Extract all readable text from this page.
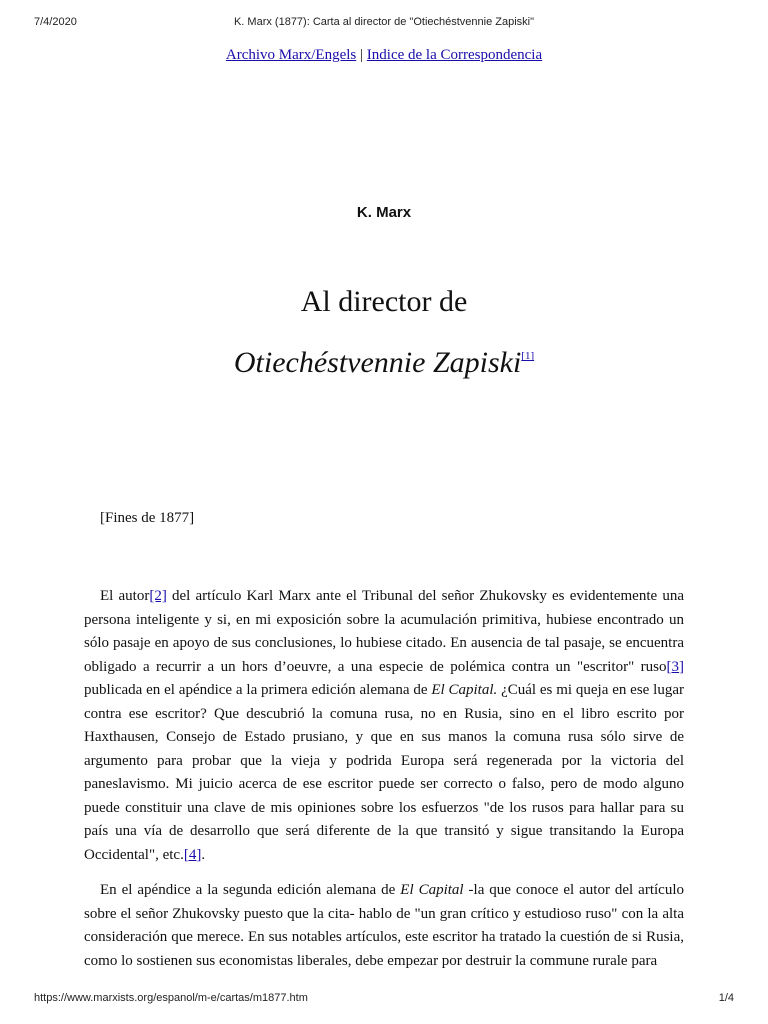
7/4/2020	K. Marx (1877): Carta al director de "Otiechéstvennie Zapiski"
Archivo Marx/Engels | Indice de la Correspondencia
K. Marx
Al director de
Otiechéstvennie Zapiski[1]
[Fines de 1877]

El autor[2] del artículo Karl Marx ante el Tribunal del señor Zhukovsky es evidentemente una persona inteligente y si, en mi exposición sobre la acumulación primitiva, hubiese encontrado un sólo pasaje en apoyo de sus conclusiones, lo hubiese citado. En ausencia de tal pasaje, se encuentra obligado a recurrir a un hors d’oeuvre, a una especie de polémica contra un "escritor" ruso[3] publicada en el apéndice a la primera edición alemana de El Capital. ¿Cuál es mi queja en ese lugar contra ese escritor? Que descubrió la comuna rusa, no en Rusia, sino en el libro escrito por Haxthausen, Consejo de Estado prusiano, y que en sus manos la comuna rusa sólo sirve de argumento para probar que la vieja y podrida Europa será regenerada por la victoria del paneslavismo. Mi juicio acerca de ese escritor puede ser correcto o falso, pero de modo alguno puede constituir una clave de mis opiniones sobre los esfuerzos "de los rusos para hallar para su país una vía de desarrollo que será diferente de la que transitó y sigue transitando la Europa Occidental", etc.[4].

En el apéndice a la segunda edición alemana de El Capital -la que conoce el autor del artículo sobre el señor Zhukovsky puesto que la cita- hablo de "un gran crítico y estudioso ruso" con la alta consideración que merece. En sus notables artículos, este escritor ha tratado la cuestión de si Rusia, como lo sostienen sus economistas liberales, debe empezar por destruir la commune rurale para

https://www.marxists.org/espanol/m-e/cartas/m1877.htm	1/4
